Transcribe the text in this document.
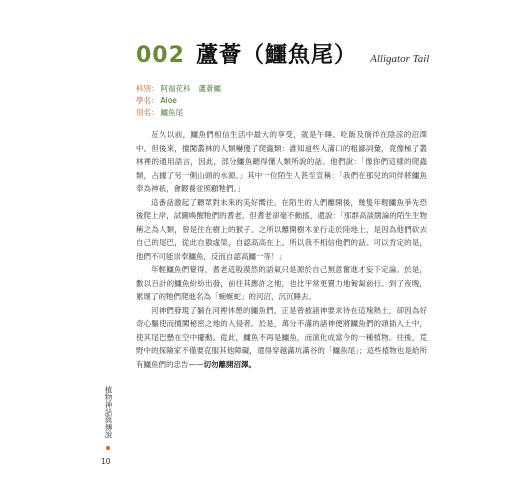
002 蘆薈（鱷魚尾） Alligator Tail
科別： 阿福花科 蘆薈屬
學名： Aloe
別名： 鱷魚尾

亙久以前，鱷魚們相信生活中最大的享受，就是午睡、吃飯及徜徉在陰涼的沼澤中。但後來，擅闖叢林的人類嚇傻了爬蟲類：誰知道些人滿口的粗鄙詞彙，竟像極了叢林裡的通用語言，因此，部分鱷魚聽得懂人類所說的話。他們說：「像你們這樣的爬蟲類，占據了另一側山頭的水源。」其中一位陌生人甚至宣稱：「我們在那兒的同伴將鱷魚奉為神祇，會餵養並照顧牠們。」

這番話激起了聽眾對未來的美好嚮往。在陌生的人們離開後，幾隻年輕鱷魚爭先恐後爬上岸，試圖喚醒牠們的耆老，但耆老卻毫不動搖，還說：「那群高談闊論的陌生生物稱之為人類，曾是住在樹上的猴子。之所以離開樹木並行走於陸地上，是因為他們砍去自己的尾巴，從此自傲虛榮，自認高高在上。所以我不相信他們的話。可以肯定的是，他們不可能崇奉鱷魚，反而自認高鱷一等！」

年輕鱷魚們覺得，耆老這般漠然的語氣只是源於自己無意奮進才妄下定論。於是，數以百計的鱷魚紛紛出發，前往其應許之地，也比平常更賣力地匍匐前行。到了夜晚，累壞了的牠們爬進名為「蜿蜒蛇」的河沼，沉沉睡去。

河神們發現了躺在河裡休憩的鱷魚們，正是曾被諸神要求待在這塊熱土，卻因為好奇心驅使而擅闖秘密之地的入侵者。於是，萬分不滿的諸神便將鱷魚們的頭插入土中，使其尾巴懸在空中擺動。從此，鱷魚不再是鱷魚，而演化成當今的一種植物。往後，荒野中的探險家不僅要克服其他障礙，還得穿越滿坑滿谷的「鱷魚尾」；這些植物也是給所有鱷魚們的忠告——切勿離開沼澤。

植物神話與傳說
10
